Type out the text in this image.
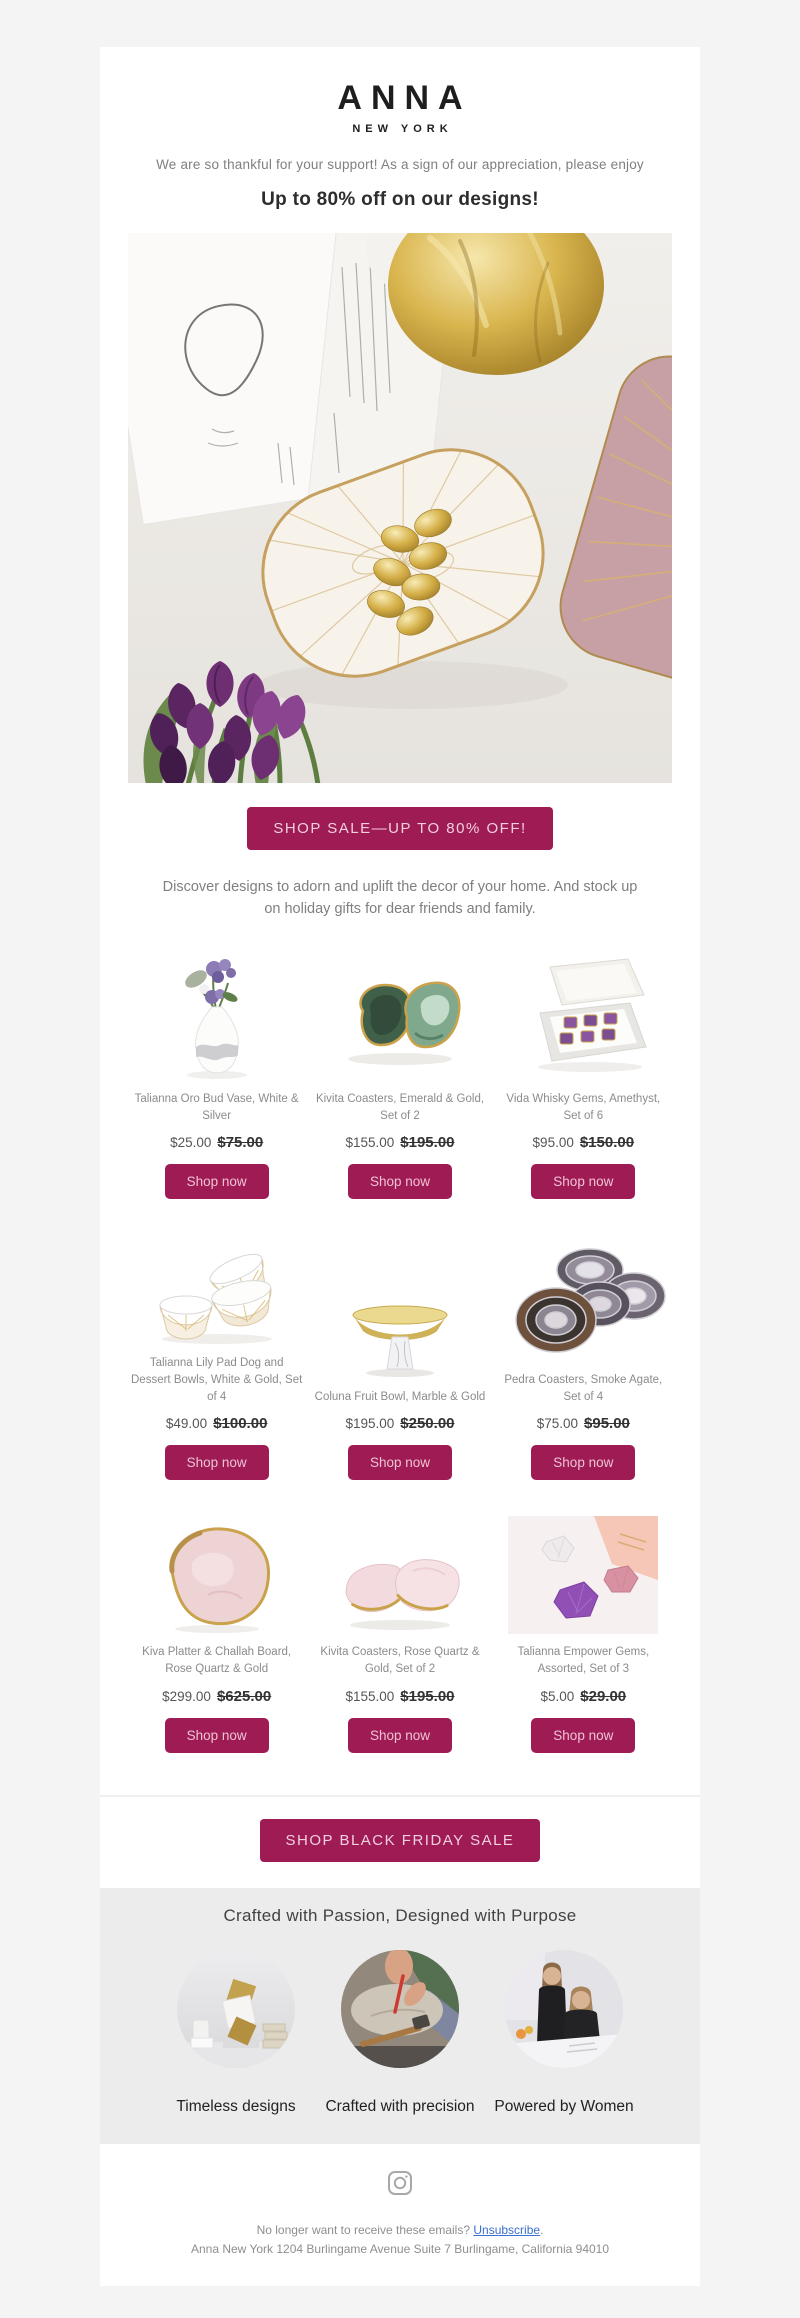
ANNA
NEW YORK

We are so thankful for your support! As a sign of our appreciation, please enjoy

Up to 80% off on our designs!
SHOP SALE—UP TO 80% OFF!

Discover designs to adorn and uplift the decor of your home. And stock up on holiday gifts for dear friends and family.

Talianna Oro Bud Vase, White & Silver
$25.00 $75.00
Shop now
Kivita Coasters, Emerald & Gold, Set of 2
$155.00 $195.00
Shop now
Vida Whisky Gems, Amethyst, Set of 6
$95.00 $150.00
Shop now
Talianna Lily Pad Dog and Dessert Bowls, White & Gold, Set of 4
$49.00 $100.00
Shop now
Coluna Fruit Bowl, Marble & Gold
$195.00 $250.00
Shop now
Pedra Coasters, Smoke Agate, Set of 4
$75.00 $95.00
Shop now
Kiva Platter & Challah Board, Rose Quartz & Gold
$299.00 $625.00
Shop now
Kivita Coasters, Rose Quartz & Gold, Set of 2
$155.00 $195.00
Shop now
Talianna Empower Gems, Assorted, Set of 3
$5.00 $29.00
Shop now
SHOP BLACK FRIDAY SALE
Crafted with Passion, Designed with Purpose
Timeless designs Crafted with precision Powered by Women

No longer want to receive these emails? Unsubscribe.

Anna New York 1204 Burlingame Avenue Suite 7 Burlingame, California 94010
